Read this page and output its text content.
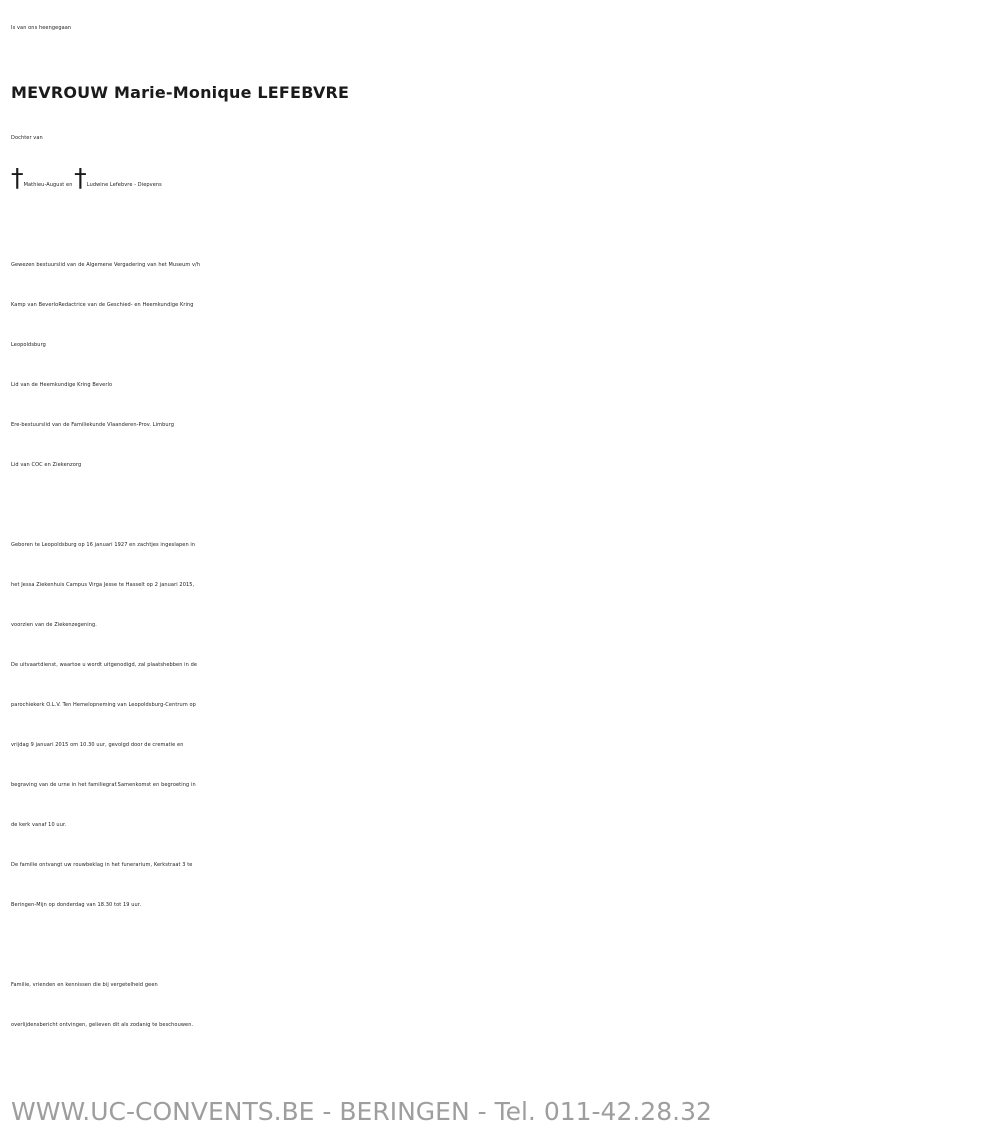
Is van ons heengegaan
MEVROUW Marie-Monique LEFEBVRE
Dochter van
†Mathieu-August en †Ludwine Lefebvre - Diepvens
Gewezen bestuurslid van de Algemene Vergadering van het Museum v/h
Kamp van BeverloRedactrice van de Geschied- en Heemkundige Kring
Leopoldsburg
Lid van de Heemkundige Kring Beverlo
Ere-bestuurslid van de Familiekunde Vlaanderen-Prov. Limburg
Lid van COC en Ziekenzorg
Geboren te Leopoldsburg op 16 januari 1927 en zachtjes ingeslapen in
het Jessa Ziekenhuis Campus Virga Jesse te Hasselt op 2 januari 2015,
voorzien van de Ziekenzegening.
De uitvaartdienst, waartoe u wordt uitgenodigd, zal plaatshebben in de
parochiekerk O.L.V. Ten Hemelopneming van Leopoldsburg-Centrum op
vrijdag 9 januari 2015 om 10.30 uur, gevolgd door de crematie en
begraving van de urne in het familiegraf.Samenkomst en begroeting in
de kerk vanaf 10 uur.
De familie ontvangt uw rouwbeklag in het funerarium, Kerkstraat 3 te
Beringen-Mijn op donderdag van 18.30 tot 19 uur.
Familie, vrienden en kennissen die bij vergetelheid geen
overlijdensbericht ontvingen, gelieven dit als zodanig te beschouwen.
WWW.UC-CONVENTS.BE - BERINGEN - Tel. 011-42.28.32
